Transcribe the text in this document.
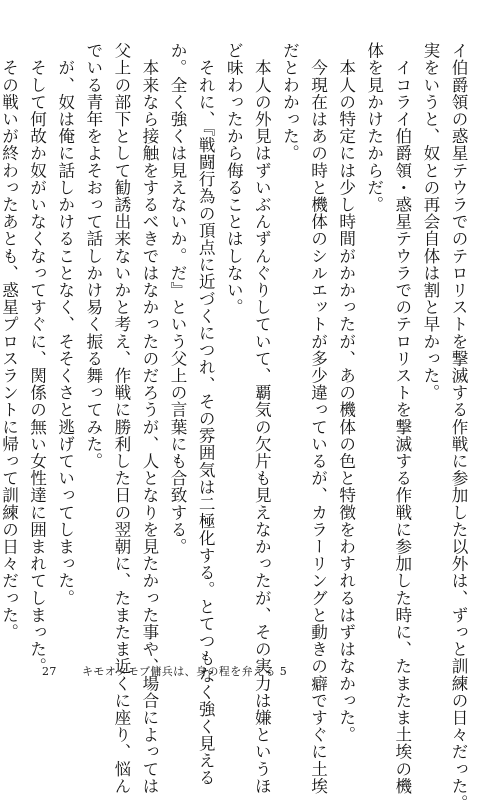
イ伯爵領の惑星テウラでのテロリストを撃滅する作戦に参加した以外は、ずっと訓練の日々だった。
実をいうと、奴との再会自体は割と早かった。
　イコライ伯爵領・惑星テウラでのテロリストを撃滅する作戦に参加した時に、たまたま土埃の機
体を見かけたからだ。
　本人の特定には少し時間がかかったが、あの機体の色と特徴をわすれるはずはなかった。
　今現在はあの時と機体のシルエットが多少違っているが、カラーリングと動きの癖ですぐに土埃
だとわかった。
　本人の外見はずいぶんずんぐりしていて、覇気の欠片も見えなかったが、その実力は嫌というほ
ど味わったから侮ることはしない。
　それに、『戦闘行為の頂点に近づくにつれ、その雰囲気は二極化する。とてつもなく強く見える
か。全く強くは見えないか。だ』という父上の言葉にも合致する。
　本来なら接触をするべきではなかったのだろうが、人となりを見たかった事や、場合によっては
父上の部下として勧誘出来ないかと考え、作戦に勝利した日の翌朝に、たまたま近くに座り、悩ん
でいる青年をよそおって話しかけ易く振る舞ってみた。
　が、奴は俺に話しかけることなく、そそくさと逃げていってしまった。
　そして何故か奴がいなくなってすぐに、関係の無い女性達に囲まれてしまった。
　その戦いが終わったあとも、惑星プロスラントに帰って訓練の日々だった。
27 キモオタモブ傭兵は、身の程を弁える 5
